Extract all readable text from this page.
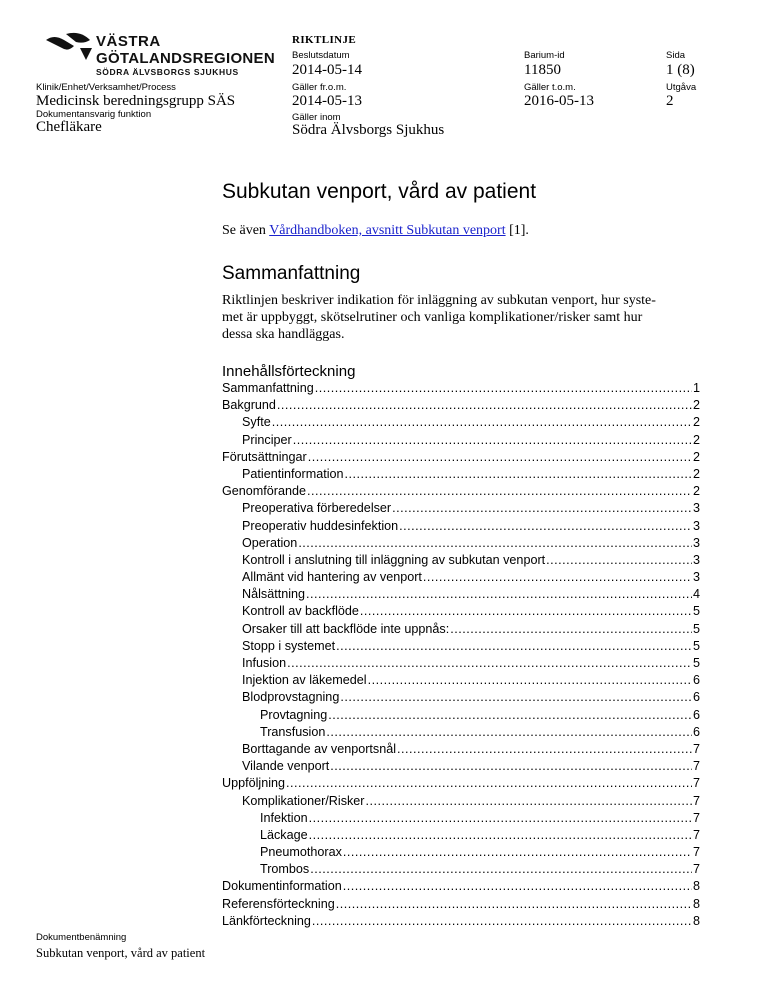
VÄSTRA
GÖTALANDSREGIONEN
SÖDRA ÄLVSBORGS SJUKHUS
RIKTLINJE
Beslutsdatum	Barium-id	Sida
2014-05-14	11850	1 (8)
Klinik/Enhet/Verksamhet/Process	Gäller fr.o.m.	Gäller t.o.m.	Utgåva
Medicinsk beredningsgrupp SÄS	2014-05-13	2016-05-13	2
Dokumentansvarig funktion
Chefläkare
Gäller inom
Södra Älvsborgs Sjukhus
Subkutan venport, vård av patient

Se även Vårdhandboken, avsnitt Subkutan venport [1].

Sammanfattning

Riktlinjen beskriver indikation för inläggning av subkutan venport, hur syste-

met är uppbyggt, skötselrutiner och vanliga komplikationer/risker samt hur

dessa ska handläggas.

Innehållsförteckning
Sammanfattning .....	1
Bakgrund .....	2
Syfte .....	2
Principer .....	2
Förutsättningar .....	2
Patientinformation .....	2
Genomförande .....	2
Preoperativa förberedelser .....	3
Preoperativ huddesinfektion .....	3
Operation .....	3
Kontroll i anslutning till inläggning av subkutan venport .....	3
Allmänt vid hantering av venport .....	3
Nålsättning .....	4
Kontroll av backflöde .....	5
Orsaker till att backflöde inte uppnås: .....	5
Stopp i systemet .....	5
Infusion .....	5
Injektion av läkemedel .....	6
Blodprovstagning .....	6
Provtagning .....	6
Transfusion .....	6
Borttagande av venportsnål .....	7
Vilande venport .....	7
Uppföljning .....	7
Komplikationer/Risker .....	7
Infektion .....	7
Läckage .....	7
Pneumothorax .....	7
Trombos .....	7
Dokumentinformation .....	8
Referensförteckning .....	8
Länkförteckning .....	8
Dokumentbenämning
Subkutan venport, vård av patient
